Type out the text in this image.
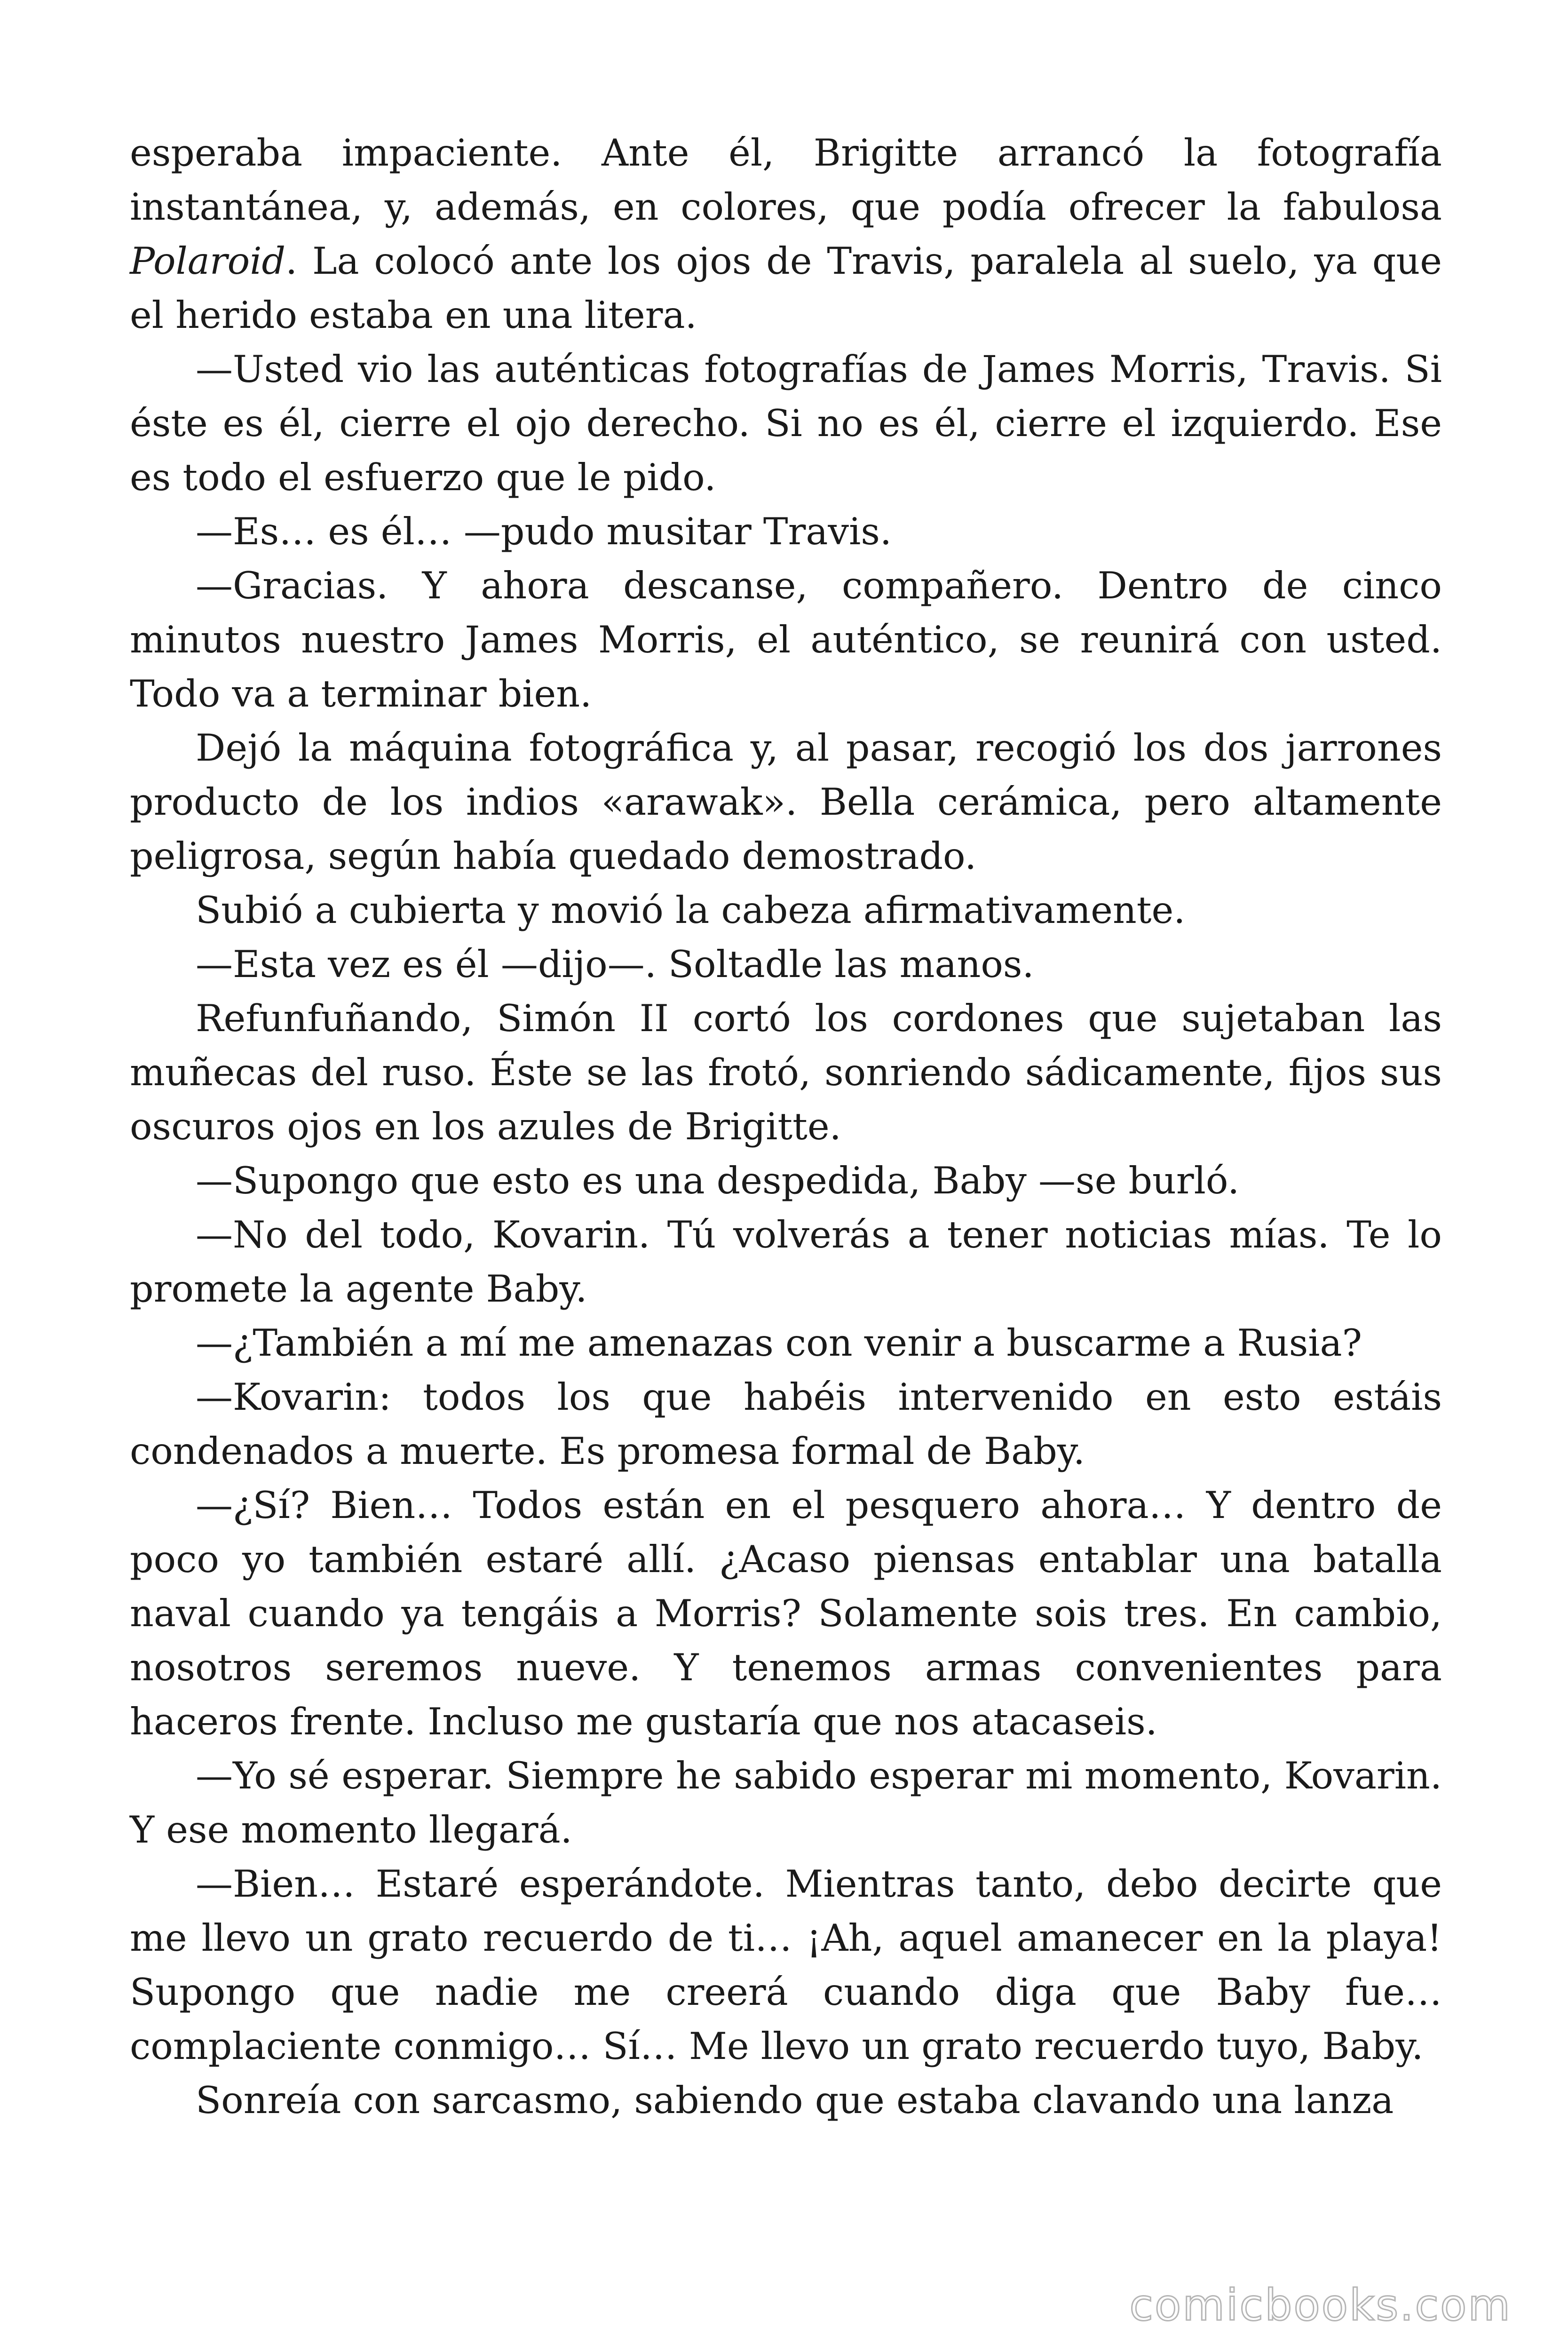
esperaba impaciente. Ante él, Brigitte arrancó la fotografía instantánea, y, además, en colores, que podía ofrecer la fabulosa Polaroid. La colocó ante los ojos de Travis, paralela al suelo, ya que el herido estaba en una litera.

—Usted vio las auténticas fotografías de James Morris, Travis. Si éste es él, cierre el ojo derecho. Si no es él, cierre el izquierdo. Ese es todo el esfuerzo que le pido.

—Es… es él… —pudo musitar Travis.

—Gracias. Y ahora descanse, compañero. Dentro de cinco minutos nuestro James Morris, el auténtico, se reunirá con usted. Todo va a terminar bien.

Dejó la máquina fotográfica y, al pasar, recogió los dos jarrones producto de los indios «arawak». Bella cerámica, pero altamente peligrosa, según había quedado demostrado.

Subió a cubierta y movió la cabeza afirmativamente.

—Esta vez es él —dijo—. Soltadle las manos.

Refunfuñando, Simón II cortó los cordones que sujetaban las muñecas del ruso. Éste se las frotó, sonriendo sádicamente, fijos sus oscuros ojos en los azules de Brigitte.

—Supongo que esto es una despedida, Baby —se burló.

—No del todo, Kovarin. Tú volverás a tener noticias mías. Te lo promete la agente Baby.

—¿También a mí me amenazas con venir a buscarme a Rusia?

—Kovarin: todos los que habéis intervenido en esto estáis condenados a muerte. Es promesa formal de Baby.

—¿Sí? Bien… Todos están en el pesquero ahora… Y dentro de poco yo también estaré allí. ¿Acaso piensas entablar una batalla naval cuando ya tengáis a Morris? Solamente sois tres. En cambio, nosotros seremos nueve. Y tenemos armas convenientes para haceros frente. Incluso me gustaría que nos atacaseis.

—Yo sé esperar. Siempre he sabido esperar mi momento, Kovarin. Y ese momento llegará.

—Bien… Estaré esperándote. Mientras tanto, debo decirte que me llevo un grato recuerdo de ti… ¡Ah, aquel amanecer en la playa! Supongo que nadie me creerá cuando diga que Baby fue… complaciente conmigo… Sí… Me llevo un grato recuerdo tuyo, Baby.

Sonreía con sarcasmo, sabiendo que estaba clavando una lanza

comicbooks.com
